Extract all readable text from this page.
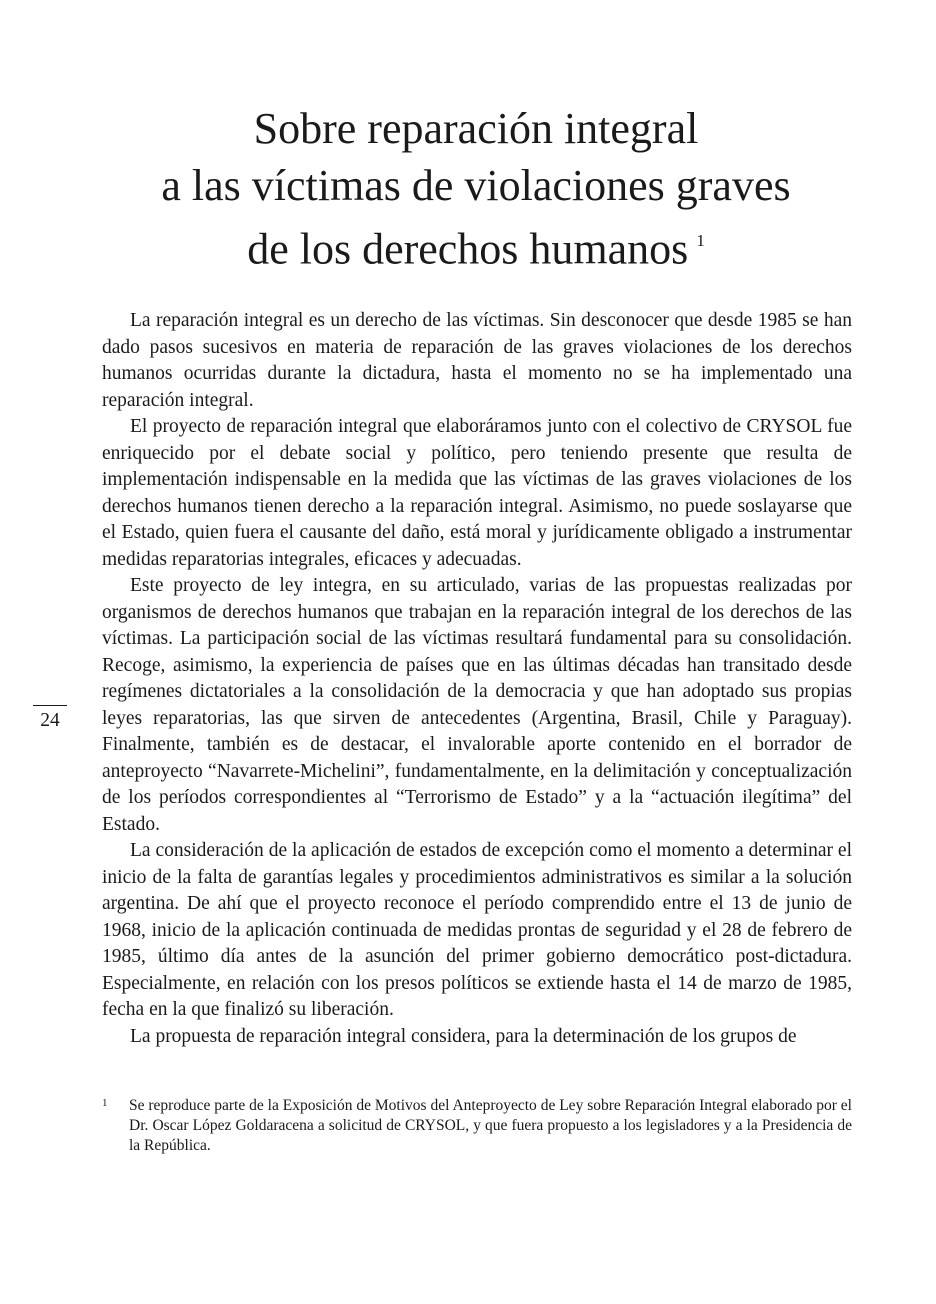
Sobre reparación integral
a las víctimas de violaciones graves
de los derechos humanos $^1$

La reparación integral es un derecho de las víctimas. Sin desconocer que desde 1985 se han dado pasos sucesivos en materia de reparación de las graves violaciones de los derechos humanos ocurridas durante la dictadura, hasta el momento no se ha implementado una reparación integral.

El proyecto de reparación integral que elaboráramos junto con el colectivo de CRYSOL fue enriquecido por el debate social y político, pero teniendo presente que resulta de implementación indispensable en la medida que las víctimas de las graves violaciones de los derechos humanos tienen derecho a la reparación integral. Asimismo, no puede soslayarse que el Estado, quien fuera el causante del daño, está moral y jurídicamente obligado a instrumentar medidas reparatorias integrales, eficaces y adecuadas.

Este proyecto de ley integra, en su articulado, varias de las propuestas realizadas por organismos de derechos humanos que trabajan en la reparación integral de los derechos de las víctimas. La participación social de las víctimas resultará fundamental para su consolidación. Recoge, asimismo, la experiencia de países que en las últimas décadas han transitado desde regímenes dictatoriales a la consolidación de la democracia y que han adoptado sus propias leyes reparatorias, las que sirven de antecedentes (Argentina, Brasil, Chile y Paraguay). Finalmente, también es de destacar, el invalorable aporte contenido en el borrador de anteproyecto “Navarrete-Michelini”, fundamentalmente, en la delimitación y conceptualización de los períodos correspondientes al “Terrorismo de Estado” y a la “actuación ilegítima” del Estado.

La consideración de la aplicación de estados de excepción como el momento a determinar el inicio de la falta de garantías legales y procedimientos administrativos es similar a la solución argentina. De ahí que el proyecto reconoce el período comprendido entre el 13 de junio de 1968, inicio de la aplicación continuada de medidas prontas de seguridad y el 28 de febrero de 1985, último día antes de la asunción del primer gobierno democrático post-dictadura. Especialmente, en relación con los presos políticos se extiende hasta el 14 de marzo de 1985, fecha en la que finalizó su liberación.

La propuesta de reparación integral considera, para la determinación de los grupos de

24
1 Se reproduce parte de la Exposición de Motivos del Anteproyecto de Ley sobre Reparación Integral elaborado por el Dr. Oscar López Goldaracena a solicitud de CRYSOL, y que fuera propuesto a los legisladores y a la Presidencia de la República.
